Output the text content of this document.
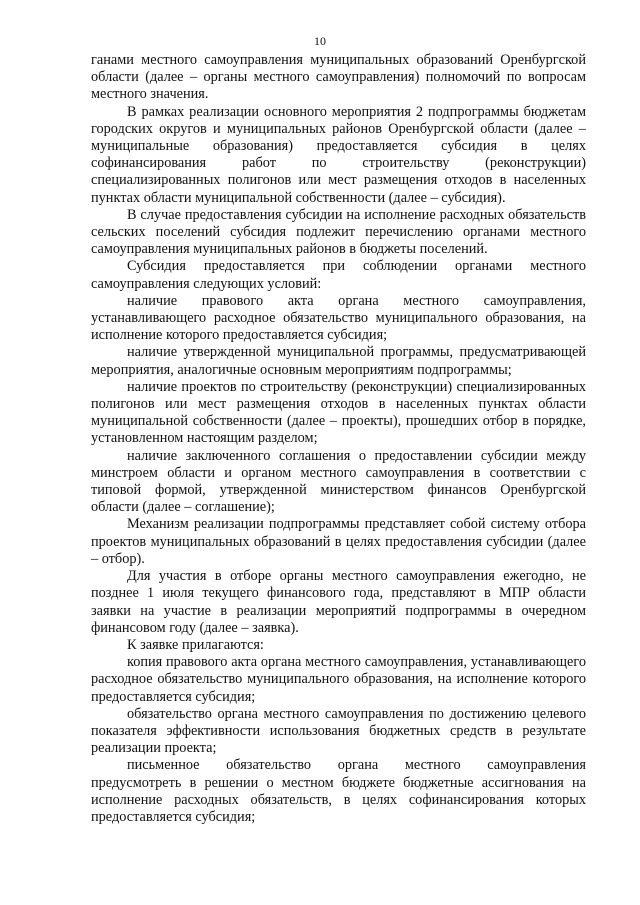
10

ганами местного самоуправления муниципальных образований Оренбургской области (далее – органы местного самоуправления) полномочий по вопросам местного значения.

В рамках реализации основного мероприятия 2 подпрограммы бюджетам городских округов и муниципальных районов Оренбургской области (далее – муниципальные образования) предоставляется субсидия в целях софинансирования работ по строительству (реконструкции) специализированных полигонов или мест размещения отходов в населенных пунктах области муниципальной собственности (далее – субсидия).

В случае предоставления субсидии на исполнение расходных обязательств сельских поселений субсидия подлежит перечислению органами местного самоуправления муниципальных районов в бюджеты поселений.

Субсидия предоставляется при соблюдении органами местного самоуправления следующих условий:

наличие правового акта органа местного самоуправления, устанавливающего расходное обязательство муниципального образования, на исполнение которого предоставляется субсидия;

наличие утвержденной муниципальной программы, предусматривающей мероприятия, аналогичные основным мероприятиям подпрограммы;

наличие проектов по строительству (реконструкции) специализированных полигонов или мест размещения отходов в населенных пунктах области муниципальной собственности (далее – проекты), прошедших отбор в порядке, установленном настоящим разделом;

наличие заключенного соглашения о предоставлении субсидии между минстроем области и органом местного самоуправления в соответствии с типовой формой, утвержденной министерством финансов Оренбургской области (далее – соглашение);

Механизм реализации подпрограммы представляет собой систему отбора проектов муниципальных образований в целях предоставления субсидии (далее – отбор).

Для участия в отборе органы местного самоуправления ежегодно, не позднее 1 июля текущего финансового года, представляют в МПР области заявки на участие в реализации мероприятий подпрограммы в очередном финансовом году (далее – заявка).

К заявке прилагаются:

копия правового акта органа местного самоуправления, устанавливающего расходное обязательство муниципального образования, на исполнение которого предоставляется субсидия;

обязательство органа местного самоуправления по достижению целевого показателя эффективности использования бюджетных средств в результате реализации проекта;

письменное обязательство органа местного самоуправления предусмотреть в решении о местном бюджете бюджетные ассигнования на исполнение расходных обязательств, в целях софинансирования которых предоставляется субсидия;
